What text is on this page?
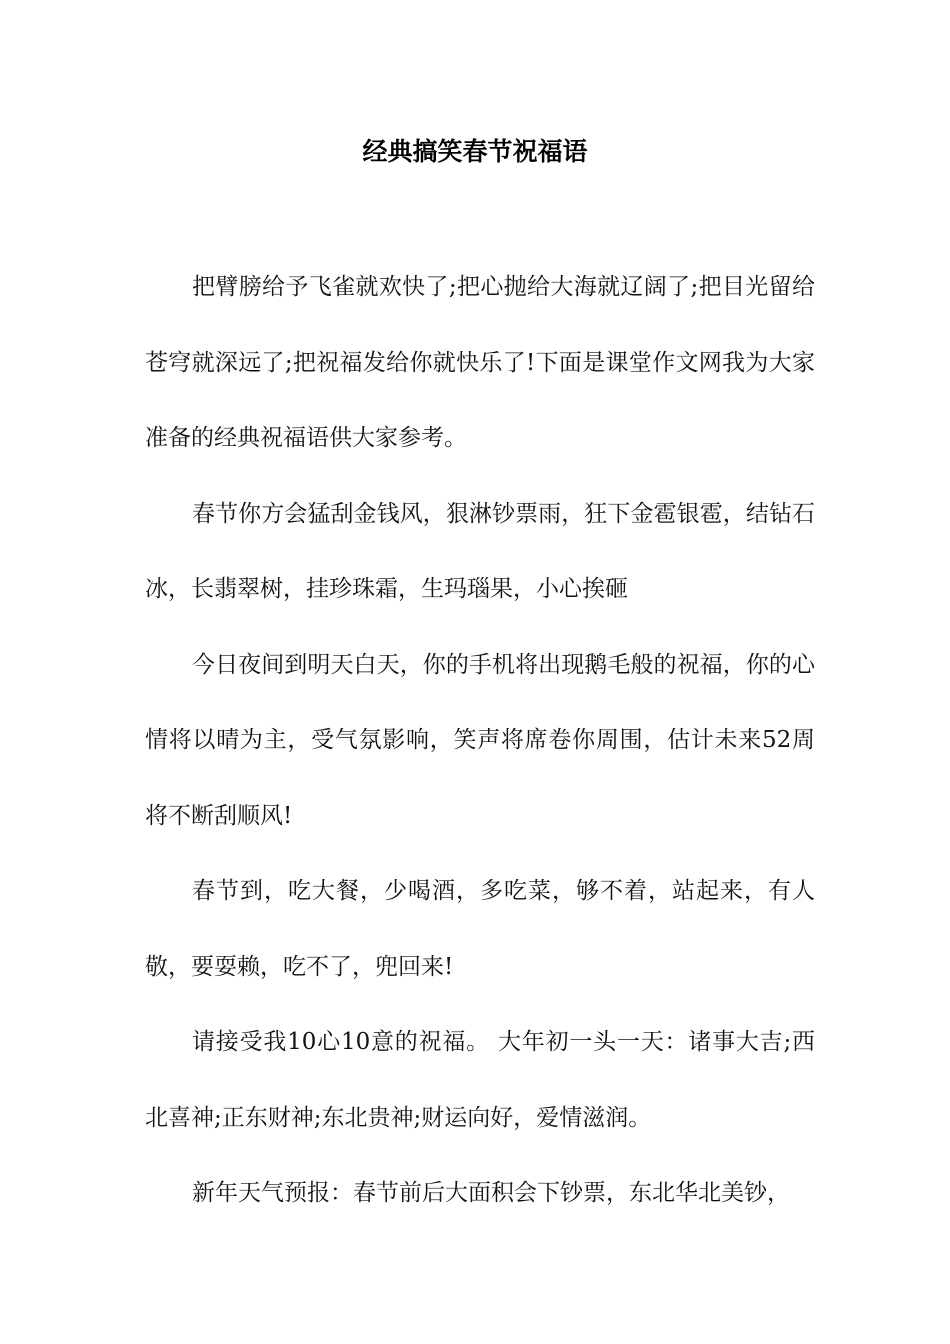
经典搞笑春节祝福语

把臂膀给予飞雀就欢快了;把心抛给大海就辽阔了;把目光留给苍穹就深远了;把祝福发给你就快乐了!下面是课堂作文网我为大家准备的经典祝福语供大家参考。

春节你方会猛刮金钱风，狠淋钞票雨，狂下金雹银雹，结钻石冰，长翡翠树，挂珍珠霜，生玛瑙果，小心挨砸

今日夜间到明天白天，你的手机将出现鹅毛般的祝福，你的心情将以晴为主，受气氛影响，笑声将席卷你周围，估计未来52周将不断刮顺风!

春节到，吃大餐，少喝酒，多吃菜，够不着，站起来，有人敬，要耍赖，吃不了，兜回来!

请接受我10心10意的祝福。 大年初一头一天：诸事大吉;西北喜神;正东财神;东北贵神;财运向好，爱情滋润。

新年天气预报：春节前后大面积会下钞票，东北华北美钞，
